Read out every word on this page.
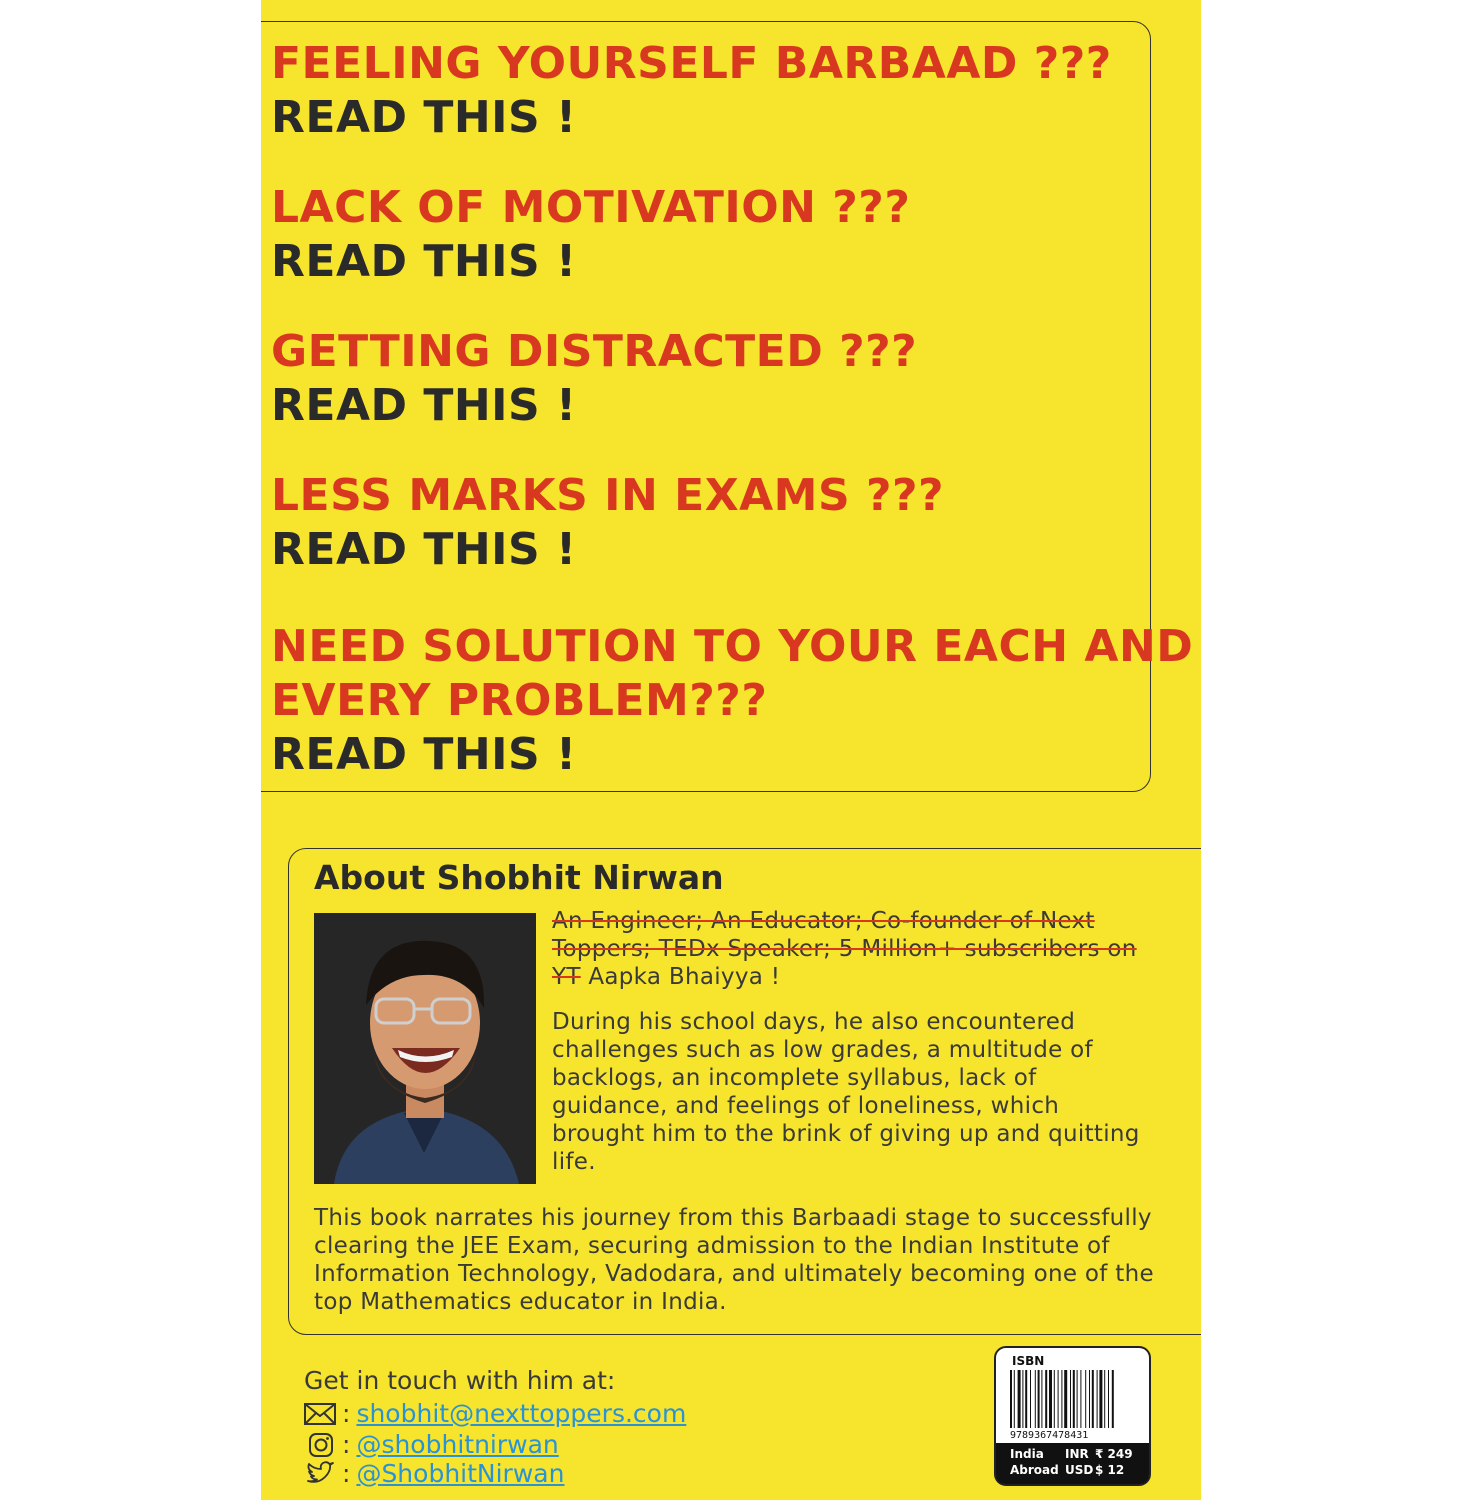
FEELING YOURSELF BARBAAD ???
READ THIS !
LACK OF MOTIVATION ???
READ THIS !
GETTING DISTRACTED ???
READ THIS !
LESS MARKS IN EXAMS ???
READ THIS !
NEED SOLUTION TO YOUR EACH AND
EVERY PROBLEM???
READ THIS !
About Shobhit Nirwan

An Engineer; An Educator; Co-founder of Next Toppers; TEDx Speaker; 5 Million+ subscribers on YT Aapka Bhaiyya !

During his school days, he also encountered challenges such as low grades, a multitude of backlogs, an incomplete syllabus, lack of guidance, and feelings of loneliness, which brought him to the brink of giving up and quitting life.

This book narrates his journey from this Barbaadi stage to successfully clearing the JEE Exam, securing admission to the Indian Institute of Information Technology, Vadodara, and ultimately becoming one of the top Mathematics educator in India.

Get in touch with him at:
: shobhit@nexttoppers.com
: @shobhitnirwan
: @ShobhitNirwan
ISBN
9789367478431
India INR ₹ 249
Abroad USD $ 12
